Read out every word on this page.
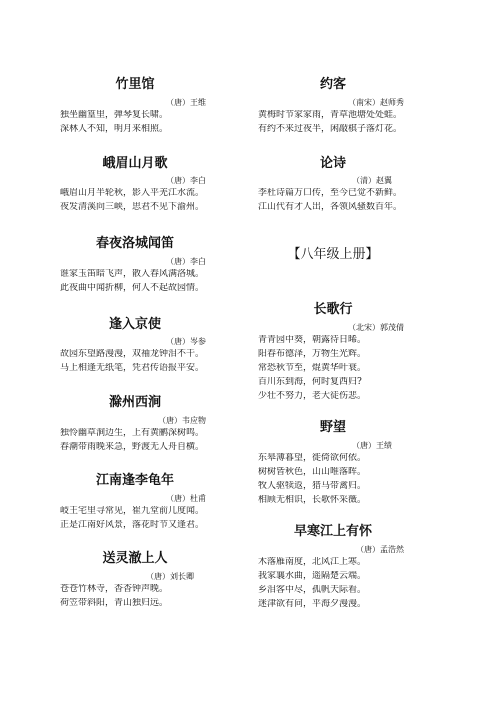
竹里馆
（唐）王维
独坐幽篁里，弹琴复长啸。
深林人不知，明月来相照。
峨眉山月歌
（唐）李白
峨眉山月半轮秋，影入平羌江水流。
夜发清溪向三峡，思君不见下渝州。
春夜洛城闻笛
（唐）李白
谁家玉笛暗飞声，散入春风满洛城。
此夜曲中闻折柳，何人不起故园情。
逢入京使
（唐）岑参
故园东望路漫漫，双袖龙钟泪不干。
马上相逢无纸笔，凭君传语报平安。
滁州西涧
（唐）韦应物
独怜幽草涧边生，上有黄鹂深树鸣。
春潮带雨晚来急，野渡无人舟自横。
江南逢李龟年
（唐）杜甫
岐王宅里寻常见，崔九堂前几度闻。
正是江南好风景，落花时节又逢君。
送灵澈上人
（唐）刘长卿
苍苍竹林寺，杳杳钟声晚。
荷笠带斜阳，青山独归远。
约客
（南宋）赵师秀
黄梅时节家家雨，青草池塘处处蛙。
有约不来过夜半，闲敲棋子落灯花。
论诗
（清）赵翼
李杜诗篇万口传，至今已觉不新鲜。
江山代有才人出，各领风骚数百年。
【八年级上册】
长歌行
（北宋）郭茂倩
青青园中葵，朝露待日晞。
阳春布德泽，万物生光辉。
常恐秋节至，焜黄华叶衰。
百川东到海，何时复西归?
少壮不努力，老大徒伤悲。
野望
（唐）王绩
东皋薄暮望，徙倚欲何依。
树树皆秋色，山山唯落晖。
牧人驱犊返，猎马带禽归。
相顾无相识，长歌怀采薇。
早寒江上有怀
（唐）孟浩然
木落雁南度，北风江上寒。
我家襄水曲，遥隔楚云端。
乡泪客中尽，孤帆天际看。
迷津欲有问，平海夕漫漫。
